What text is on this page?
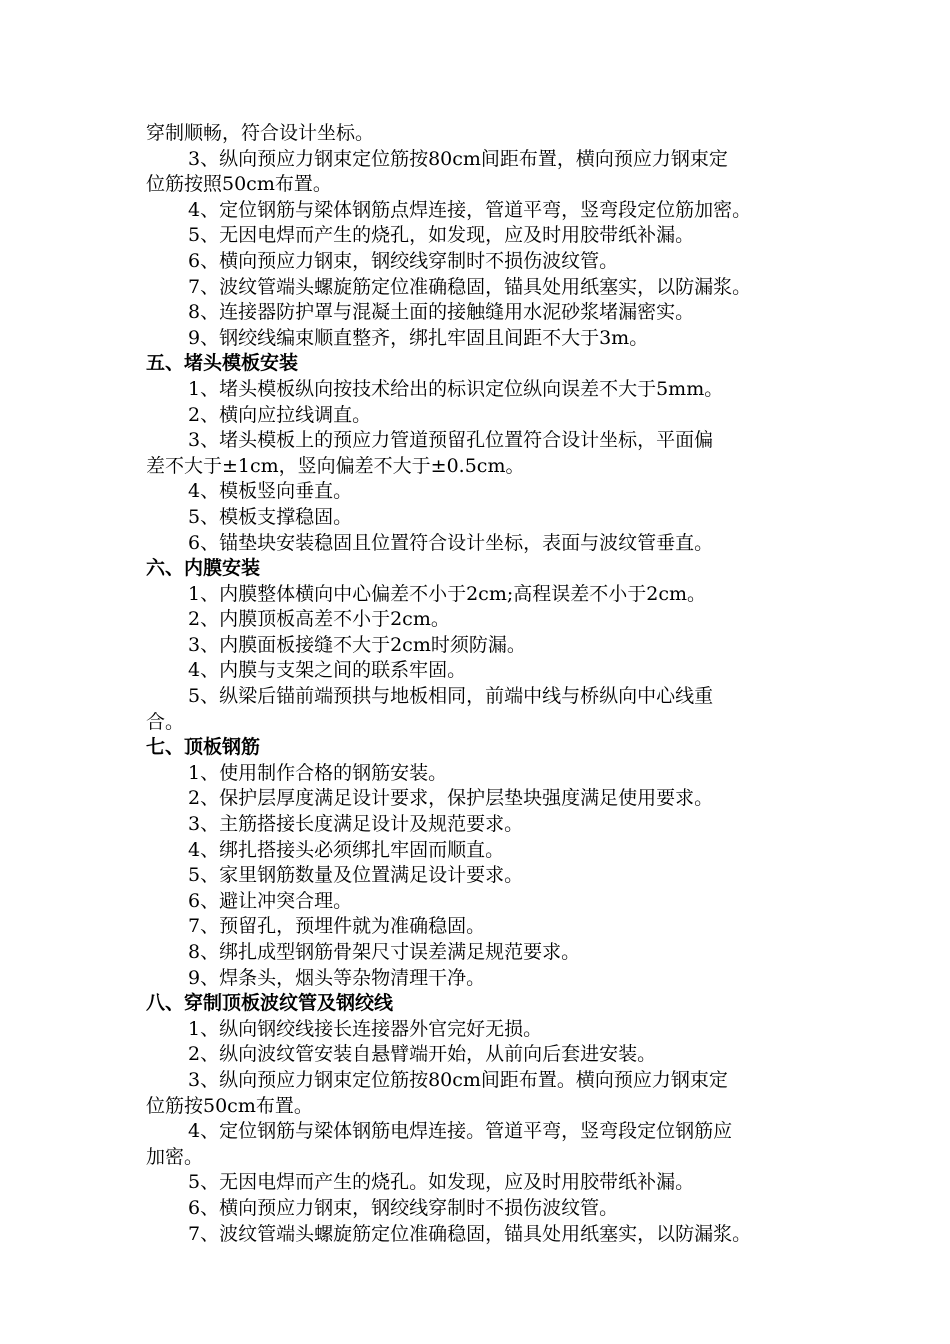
穿制顺畅，符合设计坐标。
3、纵向预应力钢束定位筋按80cm间距布置，横向预应力钢束定
位筋按照50cm布置。
4、定位钢筋与梁体钢筋点焊连接，管道平弯，竖弯段定位筋加密。
5、无因电焊而产生的烧孔，如发现，应及时用胶带纸补漏。
6、横向预应力钢束，钢绞线穿制时不损伤波纹管。
7、波纹管端头螺旋筋定位准确稳固，锚具处用纸塞实，以防漏浆。
8、连接器防护罩与混凝土面的接触缝用水泥砂浆堵漏密实。
9、钢绞线编束顺直整齐，绑扎牢固且间距不大于3m。
五、堵头模板安装
1、堵头模板纵向按技术给出的标识定位纵向误差不大于5mm。
2、横向应拉线调直。
3、堵头模板上的预应力管道预留孔位置符合设计坐标，平面偏
差不大于±1cm，竖向偏差不大于±0.5cm。
4、模板竖向垂直。
5、模板支撑稳固。
6、锚垫块安装稳固且位置符合设计坐标，表面与波纹管垂直。
六、内膜安装
1、内膜整体横向中心偏差不小于2cm;高程误差不小于2cm。
2、内膜顶板高差不小于2cm。
3、内膜面板接缝不大于2cm时须防漏。
4、内膜与支架之间的联系牢固。
5、纵梁后锚前端预拱与地板相同，前端中线与桥纵向中心线重
合。
七、顶板钢筋
1、使用制作合格的钢筋安装。
2、保护层厚度满足设计要求，保护层垫块强度满足使用要求。
3、主筋搭接长度满足设计及规范要求。
4、绑扎搭接头必须绑扎牢固而顺直。
5、家里钢筋数量及位置满足设计要求。
6、避让冲突合理。
7、预留孔，预埋件就为准确稳固。
8、绑扎成型钢筋骨架尺寸误差满足规范要求。
9、焊条头，烟头等杂物清理干净。
八、穿制顶板波纹管及钢绞线
1、纵向钢绞线接长连接器外官完好无损。
2、纵向波纹管安装自悬臂端开始，从前向后套进安装。
3、纵向预应力钢束定位筋按80cm间距布置。横向预应力钢束定
位筋按50cm布置。
4、定位钢筋与梁体钢筋电焊连接。管道平弯，竖弯段定位钢筋应
加密。
5、无因电焊而产生的烧孔。如发现，应及时用胶带纸补漏。
6、横向预应力钢束，钢绞线穿制时不损伤波纹管。
7、波纹管端头螺旋筋定位准确稳固，锚具处用纸塞实，以防漏浆。
